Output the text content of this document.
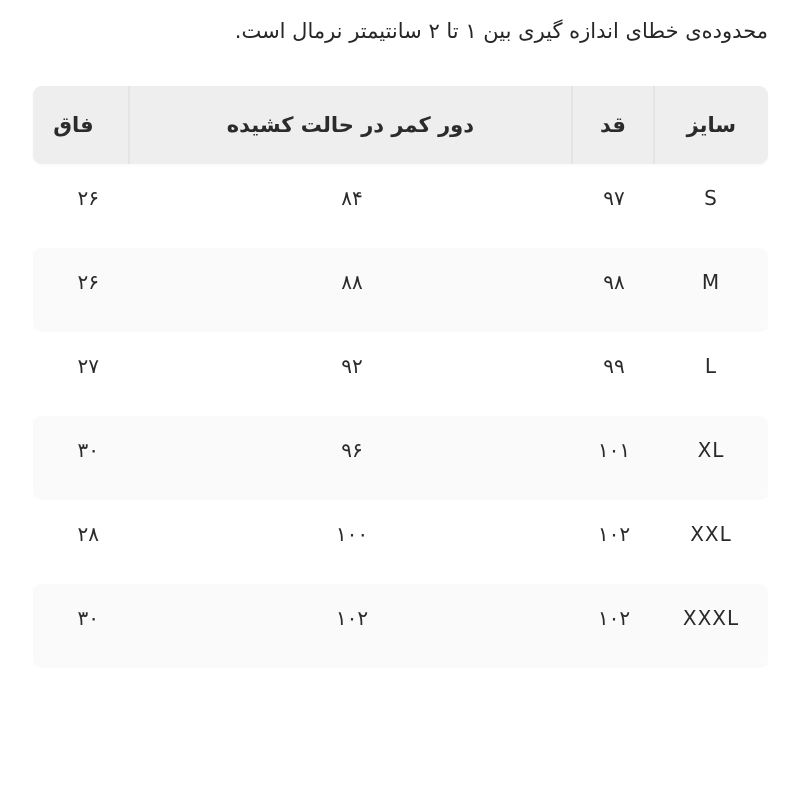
محدوده‌ی خطای اندازه گیری بین ۱ تا ۲ سانتیمتر نرمال است.
سایز
قد
دور کمر در حالت کشیده
فاق
S
۹۷
۸۴
۲۶
M
۹۸
۸۸
۲۶
L
۹۹
۹۲
۲۷
XL
۱۰۱
۹۶
۳۰
XXL
۱۰۲
۱۰۰
۲۸
XXXL
۱۰۲
۱۰۲
۳۰
